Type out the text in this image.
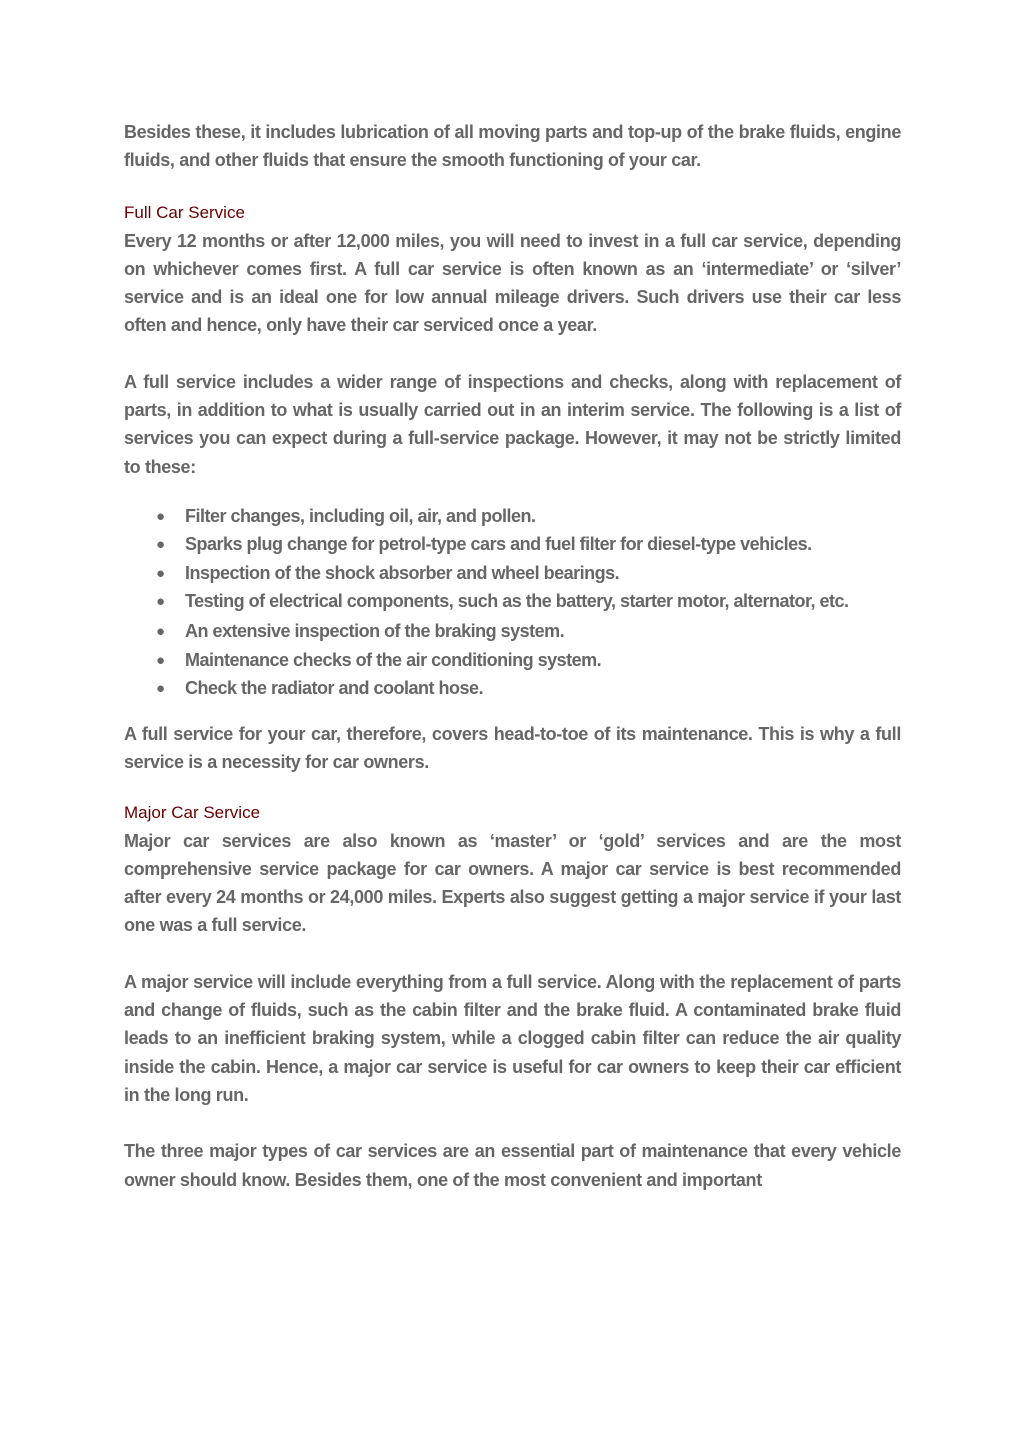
Besides these, it includes lubrication of all moving parts and top-up of the brake fluids, engine fluids, and other fluids that ensure the smooth functioning of your car.

Full Car Service

Every 12 months or after 12,000 miles, you will need to invest in a full car service, depending on whichever comes first. A full car service is often known as an ‘intermediate’ or ‘silver’ service and is an ideal one for low annual mileage drivers. Such drivers use their car less often and hence, only have their car serviced once a year.

A full service includes a wider range of inspections and checks, along with replacement of parts, in addition to what is usually carried out in an interim service. The following is a list of services you can expect during a full-service package. However, it may not be strictly limited to these:

● Filter changes, including oil, air, and pollen.
● Sparks plug change for petrol-type cars and fuel filter for diesel-type vehicles.
● Inspection of the shock absorber and wheel bearings.
● Testing of electrical components, such as the battery, starter motor, alternator, etc.
● An extensive inspection of the braking system.
● Maintenance checks of the air conditioning system.
● Check the radiator and coolant hose.

A full service for your car, therefore, covers head-to-toe of its maintenance. This is why a full service is a necessity for car owners.

Major Car Service

Major car services are also known as ‘master’ or ‘gold’ services and are the most comprehensive service package for car owners. A major car service is best recommended after every 24 months or 24,000 miles. Experts also suggest getting a major service if your last one was a full service.

A major service will include everything from a full service. Along with the replacement of parts and change of fluids, such as the cabin filter and the brake fluid. A contaminated brake fluid leads to an inefficient braking system, while a clogged cabin filter can reduce the air quality inside the cabin. Hence, a major car service is useful for car owners to keep their car efficient in the long run.

The three major types of car services are an essential part of maintenance that every vehicle owner should know. Besides them, one of the most convenient and important
